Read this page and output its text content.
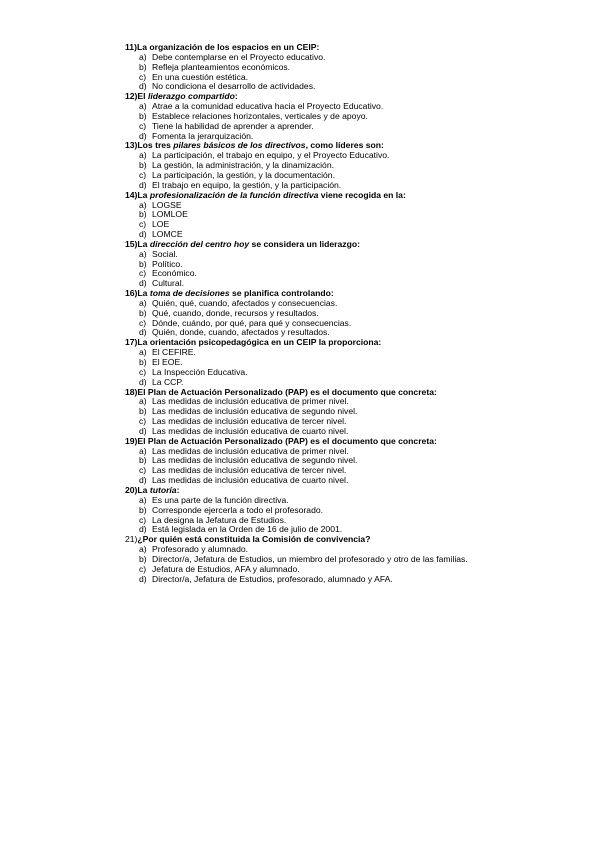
11)La organización de los espacios en un CEIP:
a) Debe contemplarse en el Proyecto educativo.
b) Refleja planteamientos económicos.
c) En una cuestión estética.
d) No condiciona el desarrollo de actividades.
12)El liderazgo compartido:
a) Atrae a la comunidad educativa hacia el Proyecto Educativo.
b) Establece relaciones horizontales, verticales y de apoyo.
c) Tiene la habilidad de aprender a aprender.
d) Fomenta la jerarquización.
13)Los tres pilares básicos de los directivos, como líderes son:
a) La participación, el trabajo en equipo, y el Proyecto Educativo.
b) La gestión, la administración, y la dinamización.
c) La participación, la gestión, y la documentación.
d) El trabajo en equipo, la gestión, y la participación.
14)La profesionalización de la función directiva viene recogida en la:
a) LOGSE
b) LOMLOE
c) LOE
d) LOMCE
15)La dirección del centro hoy se considera un liderazgo:
a) Social.
b) Político.
c) Económico.
d) Cultural.
16)La toma de decisiones se planifica controlando:
a) Quién, qué, cuando, afectados y consecuencias.
b) Qué, cuando, donde, recursos y resultados.
c) Dónde, cuándo, por qué, para qué y consecuencias.
d) Quién, donde, cuando, afectados y resultados.
17)La orientación psicopedagógica en un CEIP la proporciona:
a) El CEFIRE.
b) El EOE.
c) La Inspección Educativa.
d) La CCP.
18)El Plan de Actuación Personalizado (PAP) es el documento que concreta:
a) Las medidas de inclusión educativa de primer nivel.
b) Las medidas de inclusión educativa de segundo nivel.
c) Las medidas de inclusión educativa de tercer nivel.
d) Las medidas de inclusión educativa de cuarto nivel.
19)El Plan de Actuación Personalizado (PAP) es el documento que concreta:
a) Las medidas de inclusión educativa de primer nivel.
b) Las medidas de inclusión educativa de segundo nivel.
c) Las medidas de inclusión educativa de tercer nivel.
d) Las medidas de inclusión educativa de cuarto nivel.
20)La tutoría:
a) Es una parte de la función directiva.
b) Corresponde ejercerla a todo el profesorado.
c) La designa la Jefatura de Estudios.
d) Está legislada en la Orden de 16 de julio de 2001.
21)¿Por quién está constituida la Comisión de convivencia?
a) Profesorado y alumnado.
b) Director/a, Jefatura de Estudios, un miembro del profesorado y otro de las familias.
c) Jefatura de Estudios, AFA y alumnado.
d) Director/a, Jefatura de Estudios, profesorado, alumnado y AFA.
